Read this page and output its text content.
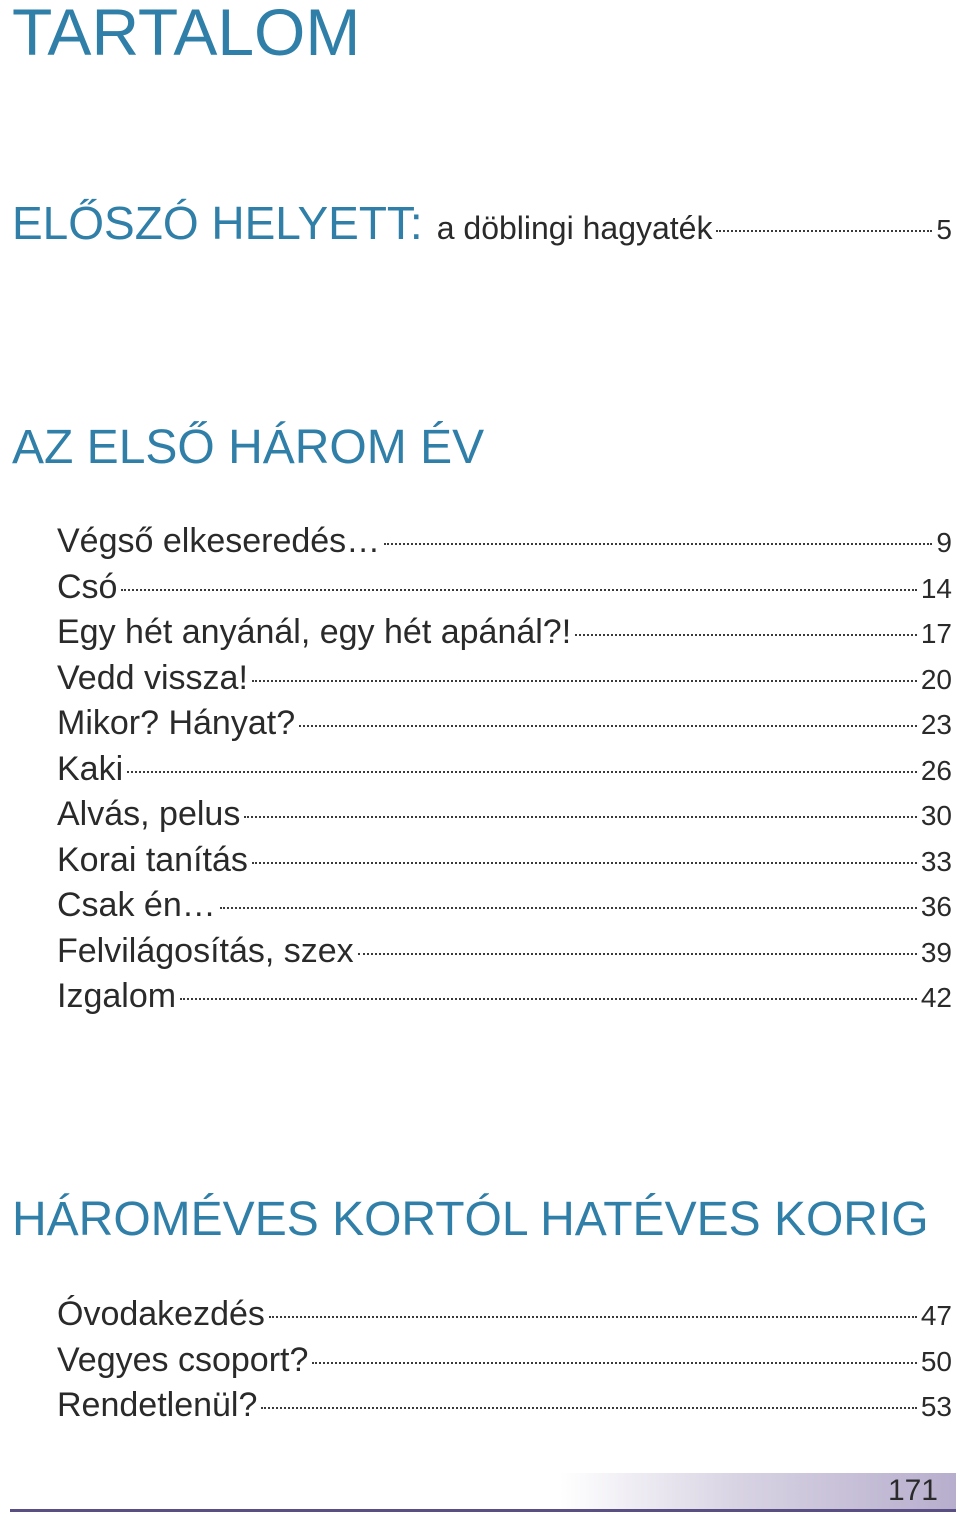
TARTALOM
ELŐSZÓ HELYETT: a döblingi hagyaték	5
AZ ELSŐ HÁROM ÉV
Végső elkeseredés…	9
Csó	14
Egy hét anyánál, egy hét apánál?!	17
Vedd vissza!	20
Mikor? Hányat?	23
Kaki	26
Alvás, pelus	30
Korai tanítás	33
Csak én…	36
Felvilágosítás, szex	39
Izgalom	42
HÁROMÉVES KORTÓL HATÉVES KORIG
Óvodakezdés	47
Vegyes csoport?	50
Rendetlenül?	53
171
